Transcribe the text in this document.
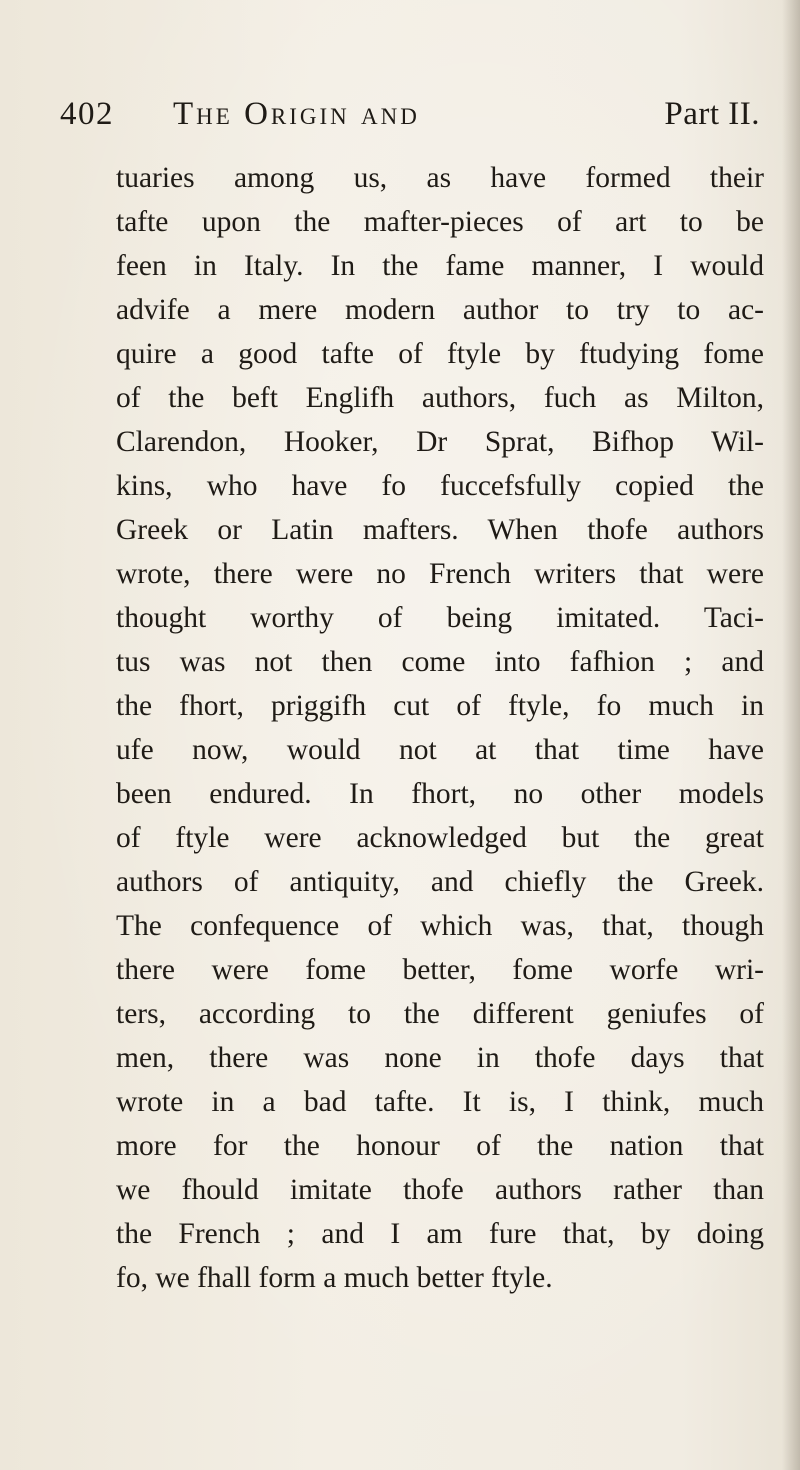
402 The Origin and	Part II.
tuaries among us, as have formed their
tafte upon the mafter-pieces of art to be
feen in Italy. In the fame manner, I would
advife a mere modern author to try to ac-
quire a good tafte of ftyle by ftudying fome
of the beft Englifh authors, fuch as Milton,
Clarendon, Hooker, Dr Sprat, Bifhop Wil-
kins, who have fo fuccefsfully copied the
Greek or Latin mafters. When thofe authors
wrote, there were no French writers that were
thought worthy of being imitated. Taci-
tus was not then come into fafhion ; and
the fhort, priggifh cut of ftyle, fo much in
ufe now, would not at that time have
been endured. In fhort, no other models
of ftyle were acknowledged but the great
authors of antiquity, and chiefly the Greek.
The confequence of which was, that, though
there were fome better, fome worfe wri-
ters, according to the different geniufes of
men, there was none in thofe days that
wrote in a bad tafte. It is, I think, much
more for the honour of the nation that
we fhould imitate thofe authors rather than
the French ; and I am fure that, by doing
fo, we fhall form a much better ftyle.
